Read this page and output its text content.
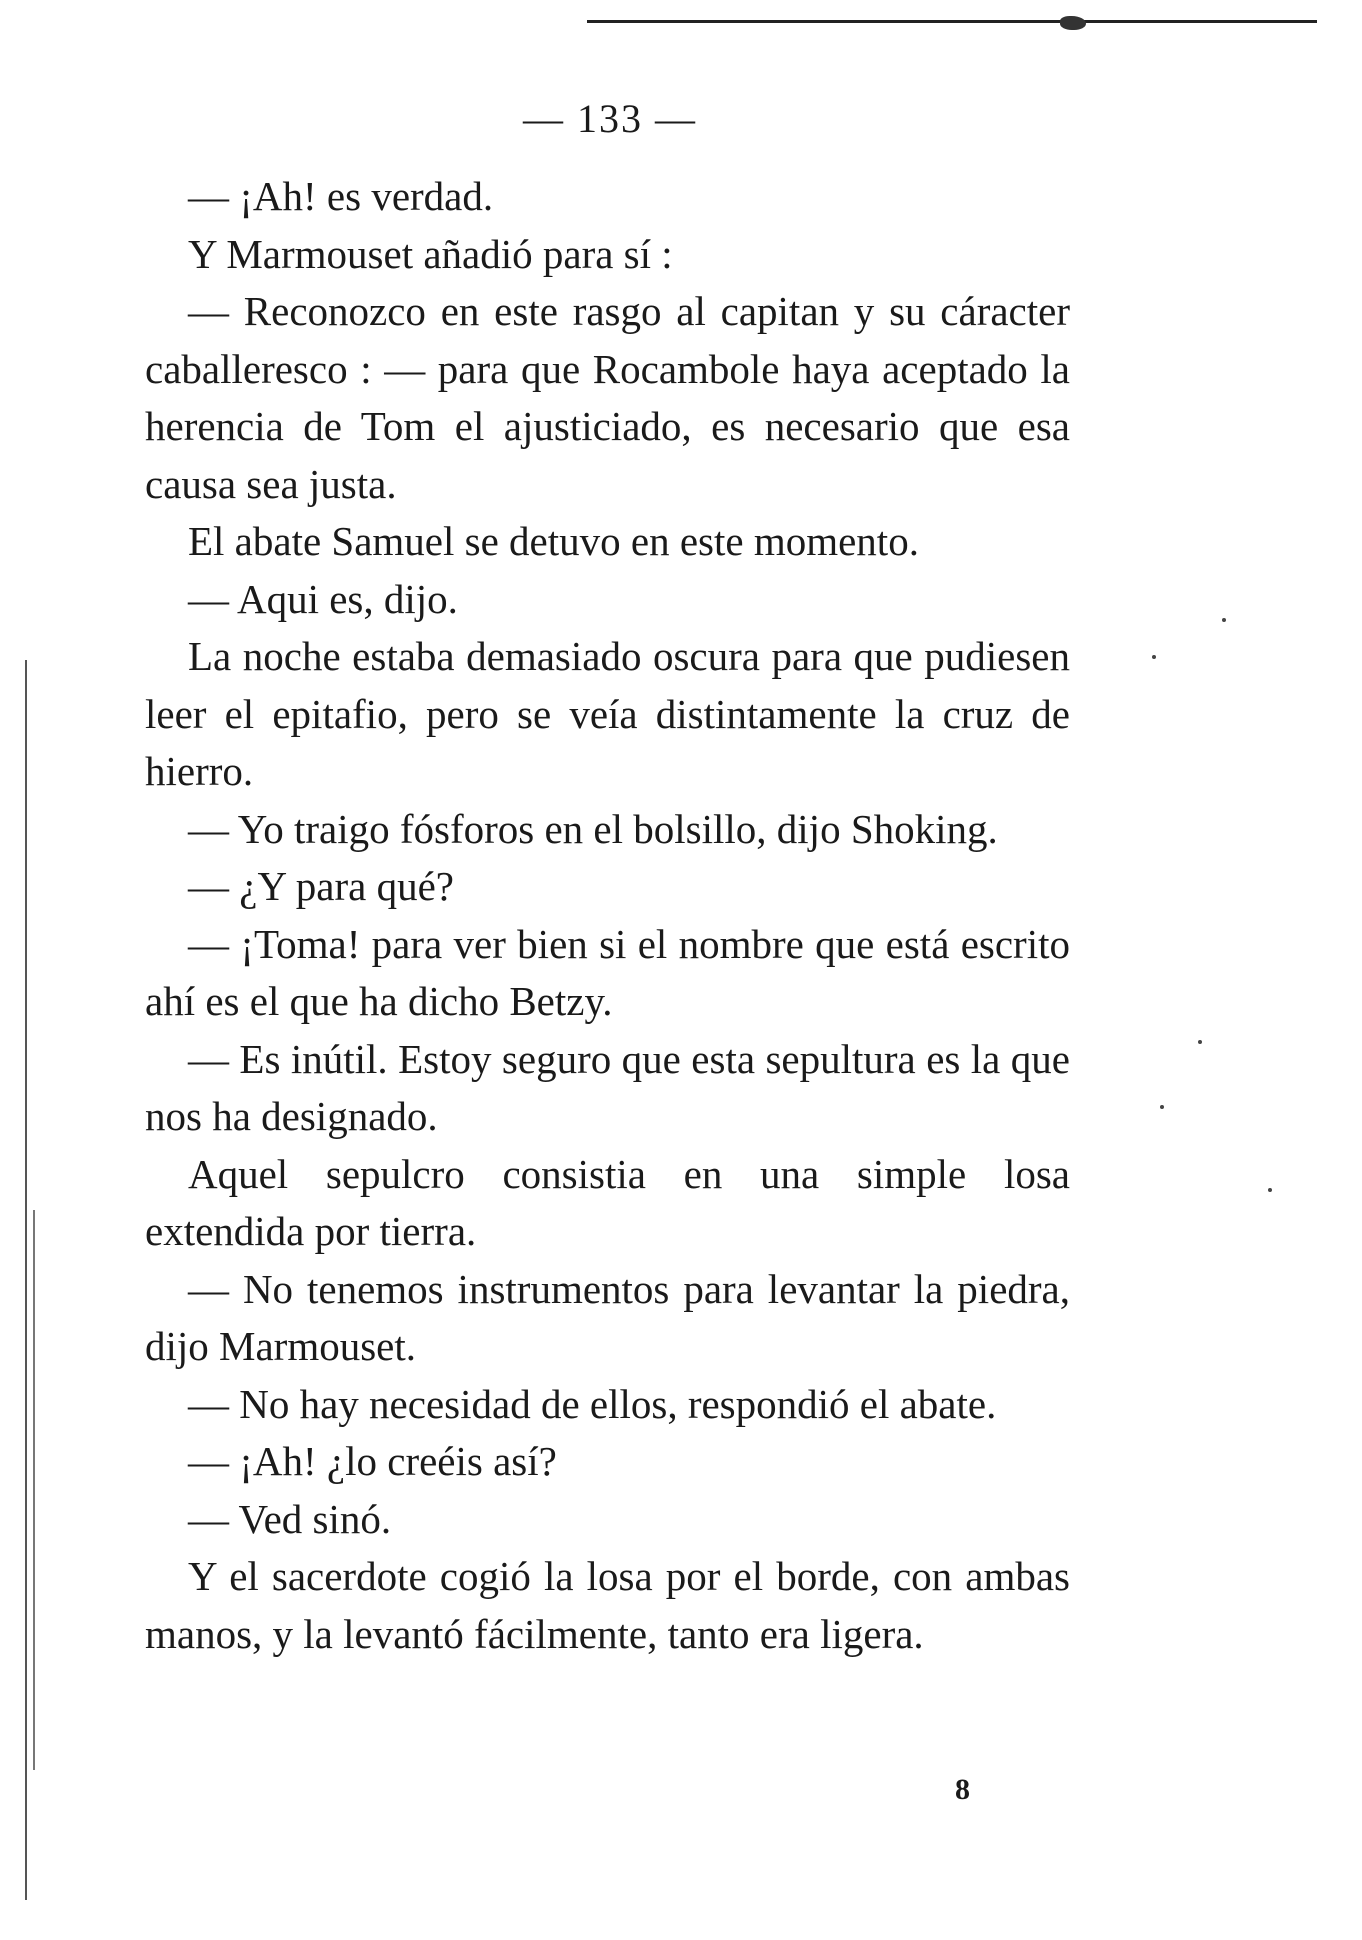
— 133 —

— ¡Ah! es verdad.

Y Marmouset añadió para sí :

— Reconozco en este rasgo al capitan y su cáracter caballeresco : — para que Rocambole haya aceptado la herencia de Tom el ajusticiado, es necesario que esa causa sea justa.

El abate Samuel se detuvo en este momento.

— Aqui es, dijo.

La noche estaba demasiado oscura para que pudiesen leer el epitafio, pero se veía distintamente la cruz de hierro.

— Yo traigo fósforos en el bolsillo, dijo Shoking.

— ¿Y para qué?

— ¡Toma! para ver bien si el nombre que está escrito ahí es el que ha dicho Betzy.

— Es inútil. Estoy seguro que esta sepultura es la que nos ha designado.

Aquel sepulcro consistia en una simple losa extendida por tierra.

— No tenemos instrumentos para levantar la piedra, dijo Marmouset.

— No hay necesidad de ellos, respondió el abate.

— ¡Ah! ¿lo creéis así?

— Ved sinó.

Y el sacerdote cogió la losa por el borde, con ambas manos, y la levantó fácilmente, tanto era ligera.

8
